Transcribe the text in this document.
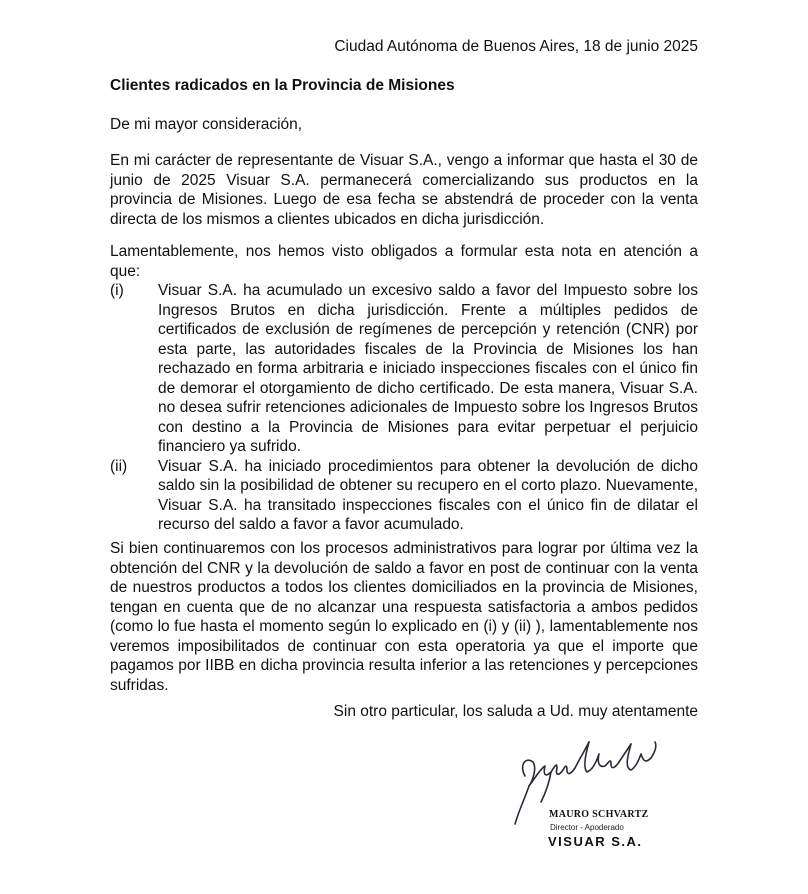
Ciudad Autónoma de Buenos Aires, 18 de junio 2025
Clientes radicados en la Provincia de Misiones
De mi mayor consideración,

En mi carácter de representante de Visuar S.A., vengo a informar que hasta el 30 de junio de 2025 Visuar S.A. permanecerá comercializando sus productos en la provincia de Misiones. Luego de esa fecha se abstendrá de proceder con la venta directa de los mismos a clientes ubicados en dicha jurisdicción.

Lamentablemente, nos hemos visto obligados a formular esta nota en atención a que:

(i)	Visuar S.A. ha acumulado un excesivo saldo a favor del Impuesto sobre los Ingresos Brutos en dicha jurisdicción. Frente a múltiples pedidos de certificados de exclusión de regímenes de percepción y retención (CNR) por esta parte, las autoridades fiscales de la Provincia de Misiones los han rechazado en forma arbitraria e iniciado inspecciones fiscales con el único fin de demorar el otorgamiento de dicho certificado. De esta manera, Visuar S.A. no desea sufrir retenciones adicionales de Impuesto sobre los Ingresos Brutos con destino a la Provincia de Misiones para evitar perpetuar el perjuicio financiero ya sufrido.
(ii)	Visuar S.A. ha iniciado procedimientos para obtener la devolución de dicho saldo sin la posibilidad de obtener su recupero en el corto plazo. Nuevamente, Visuar S.A. ha transitado inspecciones fiscales con el único fin de dilatar el recurso del saldo a favor a favor acumulado.

Si bien continuaremos con los procesos administrativos para lograr por última vez la obtención del CNR y la devolución de saldo a favor en post de continuar con la venta de nuestros productos a todos los clientes domiciliados en la provincia de Misiones, tengan en cuenta que de no alcanzar una respuesta satisfactoria a ambos pedidos (como lo fue hasta el momento según lo explicado en (i) y (ii) ), lamentablemente nos veremos imposibilitados de continuar con esta operatoria ya que el importe que pagamos por IIBB en dicha provincia resulta inferior a las retenciones y percepciones sufridas.

Sin otro particular, los saluda a Ud. muy atentamente
MAURO SCHVARTZ
Director - Apoderado
VISUAR S.A.
